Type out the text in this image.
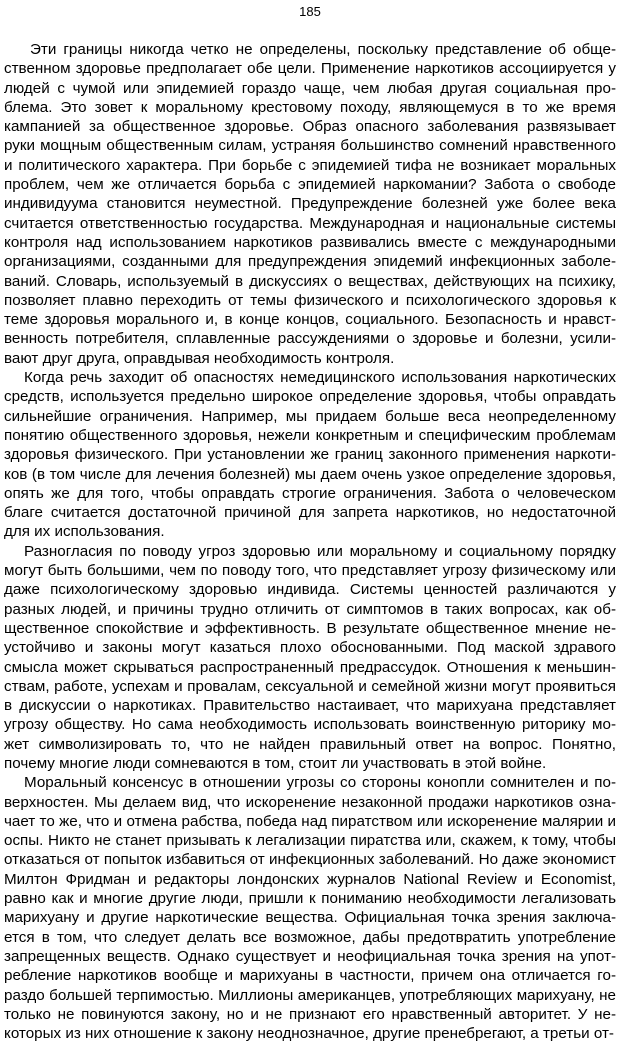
185

Эти границы никогда четко не определены, поскольку представление об общественном здоровье предполагает обе цели. Применение наркотиков ассоциируется у людей с чумой или эпидемией гораздо чаще, чем любая другая социальная проблема. Это зовет к моральному крестовому походу, являющемуся в то же время кампанией за общественное здоровье. Образ опасного заболевания развязывает руки мощным общественным силам, устраняя большинство сомнений нравственного и политического характера. При борьбе с эпидемией тифа не возникает моральных проблем, чем же отличается борьба с эпидемией наркомании? Забота о свободе индивидуума становится неуместной. Предупреждение болезней уже более века считается ответственностью государства. Международная и национальные системы контроля над использованием наркотиков развивались вместе с международными организациями, созданными для предупреждения эпидемий инфекционных заболеваний. Словарь, используемый в дискуссиях о веществах, действующих на психику, позволяет плавно переходить от темы физического и психологического здоровья к теме здоровья морального и, в конце концов, социального. Безопасность и нравственность потребителя, сплавленные рассуждениями о здоровье и болезни, усиливают друг друга, оправдывая необходимость контроля.

Когда речь заходит об опасностях немедицинского использования наркотических средств, используется предельно широкое определение здоровья, чтобы оправдать сильнейшие ограничения. Например, мы придаем больше веса неопределенному понятию общественного здоровья, нежели конкретным и специфическим проблемам здоровья физического. При установлении же границ законного применения наркотиков (в том числе для лечения болезней) мы даем очень узкое определение здоровья, опять же для того, чтобы оправдать строгие ограничения. Забота о человеческом благе считается достаточной причиной для запрета наркотиков, но недостаточной для их использования.

Разногласия по поводу угроз здоровью или моральному и социальному порядку могут быть большими, чем по поводу того, что представляет угрозу физическому или даже психологическому здоровью индивида. Системы ценностей различаются у разных людей, и причины трудно отличить от симптомов в таких вопросах, как общественное спокойствие и эффективность. В результате общественное мнение неустойчиво и законы могут казаться плохо обоснованными. Под маской здравого смысла может скрываться распространенный предрассудок. Отношения к меньшинствам, работе, успехам и провалам, сексуальной и семейной жизни могут проявиться в дискуссии о наркотиках. Правительство настаивает, что марихуана представляет угрозу обществу. Но сама необходимость использовать воинственную риторику может символизировать то, что не найден правильный ответ на вопрос. Понятно, почему многие люди сомневаются в том, стоит ли участвовать в этой войне.

Моральный консенсус в отношении угрозы со стороны конопли сомнителен и поверхностен. Мы делаем вид, что искоренение незаконной продажи наркотиков означает то же, что и отмена рабства, победа над пиратством или искоренение малярии и оспы. Никто не станет призывать к легализации пиратства или, скажем, к тому, чтобы отказаться от попыток избавиться от инфекционных заболеваний. Но даже экономист Милтон Фридман и редакторы лондонских журналов National Review и Economist, равно как и многие другие люди, пришли к пониманию необходимости легализовать марихуану и другие наркотические вещества. Официальная точка зрения заключается в том, что следует делать все возможное, дабы предотвратить употребление запрещенных веществ. Однако существует и неофициальная точка зрения на употребление наркотиков вообще и марихуаны в частности, причем она отличается гораздо большей терпимостью. Миллионы американцев, употребляющих марихуану, не только не повинуются закону, но и не признают его нравственный авторитет. У некоторых из них отношение к закону неоднозначное, другие пренебрегают, а третьи от-
